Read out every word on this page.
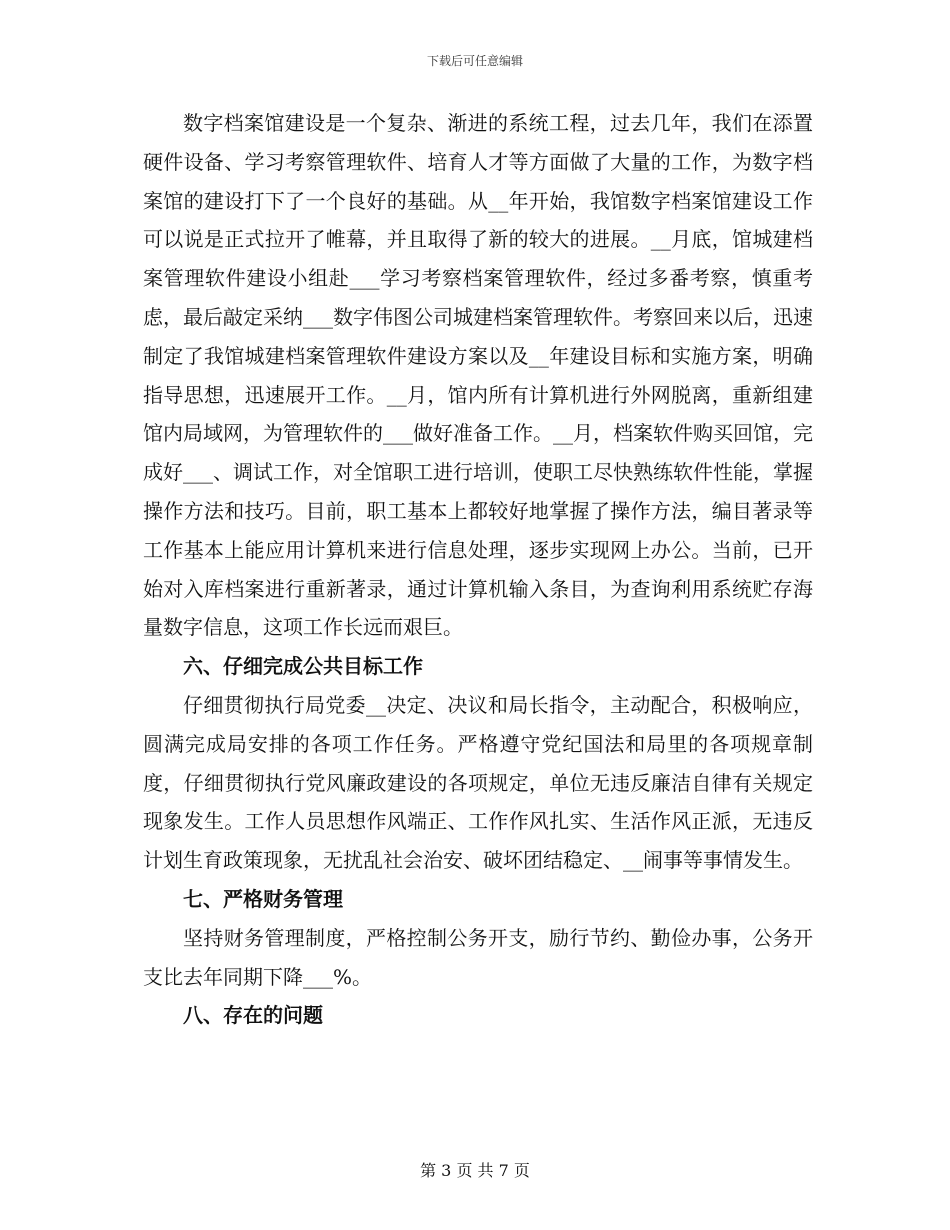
下载后可任意编辑

数字档案馆建设是一个复杂、渐进的系统工程，过去几年，我们在添置硬件设备、学习考察管理软件、培育人才等方面做了大量的工作，为数字档案馆的建设打下了一个良好的基础。从__年开始，我馆数字档案馆建设工作可以说是正式拉开了帷幕，并且取得了新的较大的进展。__月底，馆城建档案管理软件建设小组赴___学习考察档案管理软件，经过多番考察，慎重考虑，最后敲定采纳___数字伟图公司城建档案管理软件。考察回来以后，迅速制定了我馆城建档案管理软件建设方案以及__年建设目标和实施方案，明确指导思想，迅速展开工作。__月，馆内所有计算机进行外网脱离，重新组建馆内局域网，为管理软件的___做好准备工作。__月，档案软件购买回馆，完成好___、调试工作，对全馆职工进行培训，使职工尽快熟练软件性能，掌握操作方法和技巧。目前，职工基本上都较好地掌握了操作方法，编目著录等工作基本上能应用计算机来进行信息处理，逐步实现网上办公。当前，已开始对入库档案进行重新著录，通过计算机输入条目，为查询利用系统贮存海量数字信息，这项工作长远而艰巨。

六、仔细完成公共目标工作

仔细贯彻执行局党委__决定、决议和局长指令，主动配合，积极响应，圆满完成局安排的各项工作任务。严格遵守党纪国法和局里的各项规章制度，仔细贯彻执行党风廉政建设的各项规定，单位无违反廉洁自律有关规定现象发生。工作人员思想作风端正、工作作风扎实、生活作风正派，无违反计划生育政策现象，无扰乱社会治安、破坏团结稳定、__闹事等事情发生。

七、严格财务管理

坚持财务管理制度，严格控制公务开支，励行节约、勤俭办事，公务开支比去年同期下降___%。

八、存在的问题

第 3 页 共 7 页
